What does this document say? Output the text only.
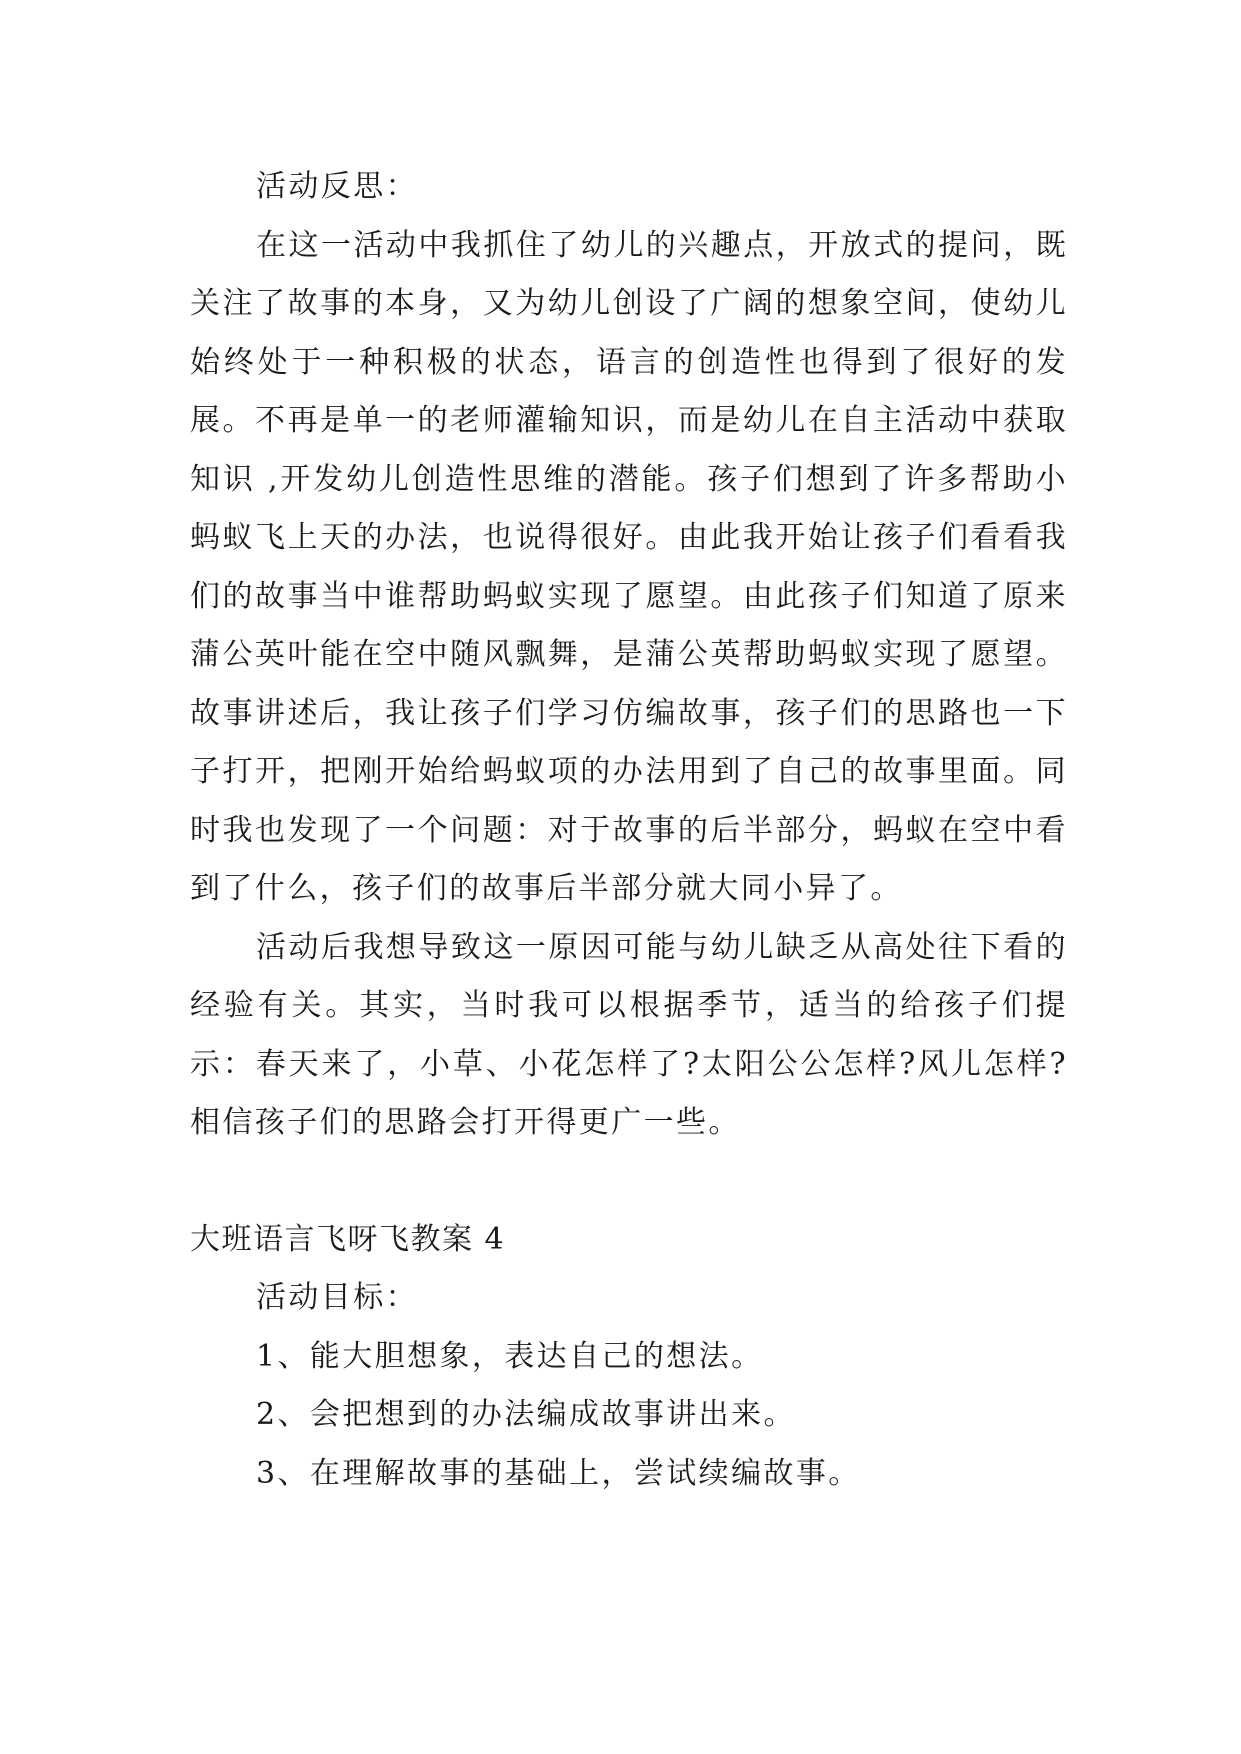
活动反思：

在这一活动中我抓住了幼儿的兴趣点，开放式的提问，既关注了故事的本身，又为幼儿创设了广阔的想象空间，使幼儿始终处于一种积极的状态，语言的创造性也得到了很好的发展。不再是单一的老师灌输知识，而是幼儿在自主活动中获取知识 ,开发幼儿创造性思维的潜能。孩子们想到了许多帮助小蚂蚁飞上天的办法，也说得很好。由此我开始让孩子们看看我们的故事当中谁帮助蚂蚁实现了愿望。由此孩子们知道了原来蒲公英叶能在空中随风飘舞，是蒲公英帮助蚂蚁实现了愿望。故事讲述后，我让孩子们学习仿编故事，孩子们的思路也一下子打开，把刚开始给蚂蚁项的办法用到了自己的故事里面。同时我也发现了一个问题：对于故事的后半部分，蚂蚁在空中看到了什么，孩子们的故事后半部分就大同小异了。

活动后我想导致这一原因可能与幼儿缺乏从高处往下看的经验有关。其实，当时我可以根据季节，适当的给孩子们提示：春天来了，小草、小花怎样了?太阳公公怎样?风儿怎样?相信孩子们的思路会打开得更广一些。

大班语言飞呀飞教案 4

活动目标：

1、能大胆想象，表达自己的想法。

2、会把想到的办法编成故事讲出来。

3、在理解故事的基础上，尝试续编故事。
